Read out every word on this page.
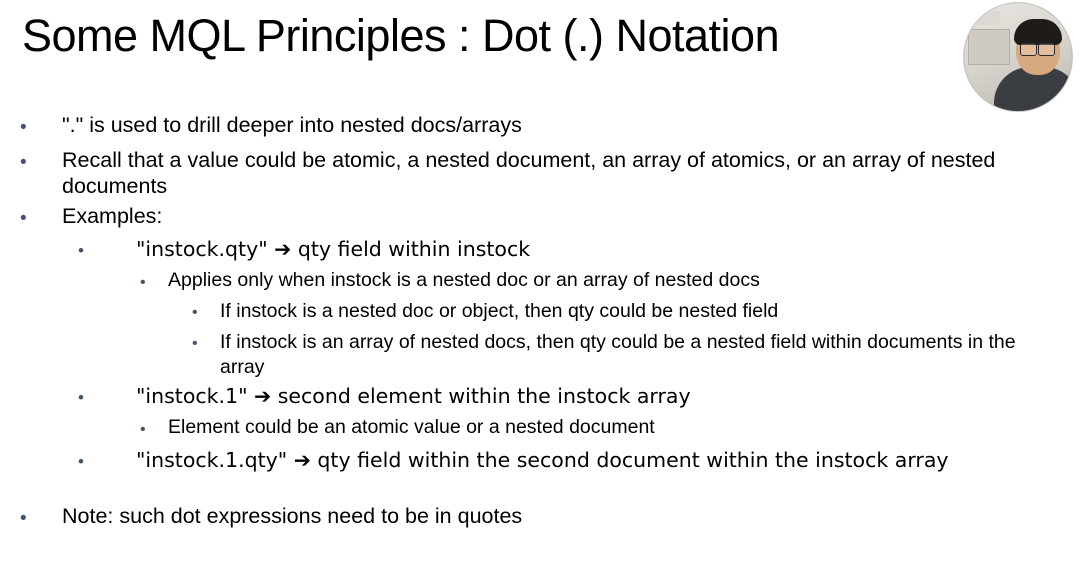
Some MQL Principles : Dot (.) Notation
•	"." is used to drill deeper into nested docs/arrays
•	Recall that a value could be atomic, a nested document, an array of atomics, or an array of nested documents
•	Examples:
•	"instock.qty" ➔ qty field within instock
•	Applies only when instock is a nested doc or an array of nested docs
•	If instock is a nested doc or object, then qty could be nested field
•	If instock is an array of nested docs, then qty could be a nested field within documents in the array
•	"instock.1" ➔ second element within the instock array
•	Element could be an atomic value or a nested document
•	"instock.1.qty" ➔ qty field within the second document within the instock array
•	Note: such dot expressions need to be in quotes
